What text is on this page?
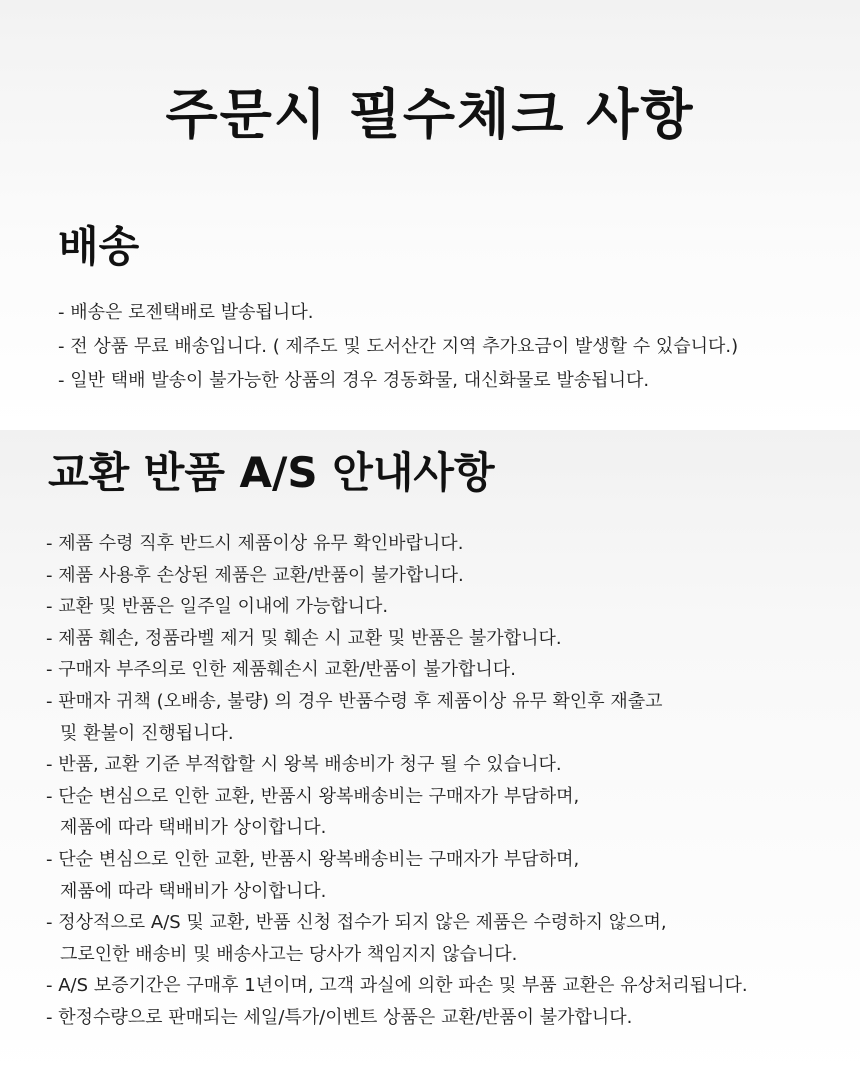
주문시 필수체크 사항
배송
- 배송은 로젠택배로 발송됩니다.
- 전 상품 무료 배송입니다. ( 제주도 및 도서산간 지역 추가요금이 발생할 수 있습니다.)
- 일반 택배 발송이 불가능한 상품의 경우 경동화물, 대신화물로 발송됩니다.
교환 반품 A/S 안내사항
- 제품 수령 직후 반드시 제품이상 유무 확인바랍니다.
- 제품 사용후 손상된 제품은 교환/반품이 불가합니다.
- 교환 및 반품은 일주일 이내에 가능합니다.
- 제품 훼손, 정품라벨 제거 및 훼손 시 교환 및 반품은 불가합니다.
- 구매자 부주의로 인한 제품훼손시 교환/반품이 불가합니다.
- 판매자 귀책 (오배송, 불량) 의 경우 반품수령 후 제품이상 유무 확인후 재출고
및 환불이 진행됩니다.
- 반품, 교환 기준 부적합할 시 왕복 배송비가 청구 될 수 있습니다.
- 단순 변심으로 인한 교환, 반품시 왕복배송비는 구매자가 부담하며,
제품에 따라 택배비가 상이합니다.
- 단순 변심으로 인한 교환, 반품시 왕복배송비는 구매자가 부담하며,
제품에 따라 택배비가 상이합니다.
- 정상적으로 A/S 및 교환, 반품 신청 접수가 되지 않은 제품은 수령하지 않으며,
그로인한 배송비 및 배송사고는 당사가 책임지지 않습니다.
- A/S 보증기간은 구매후 1년이며, 고객 과실에 의한 파손 및 부품 교환은 유상처리됩니다.
- 한정수량으로 판매되는 세일/특가/이벤트 상품은 교환/반품이 불가합니다.
